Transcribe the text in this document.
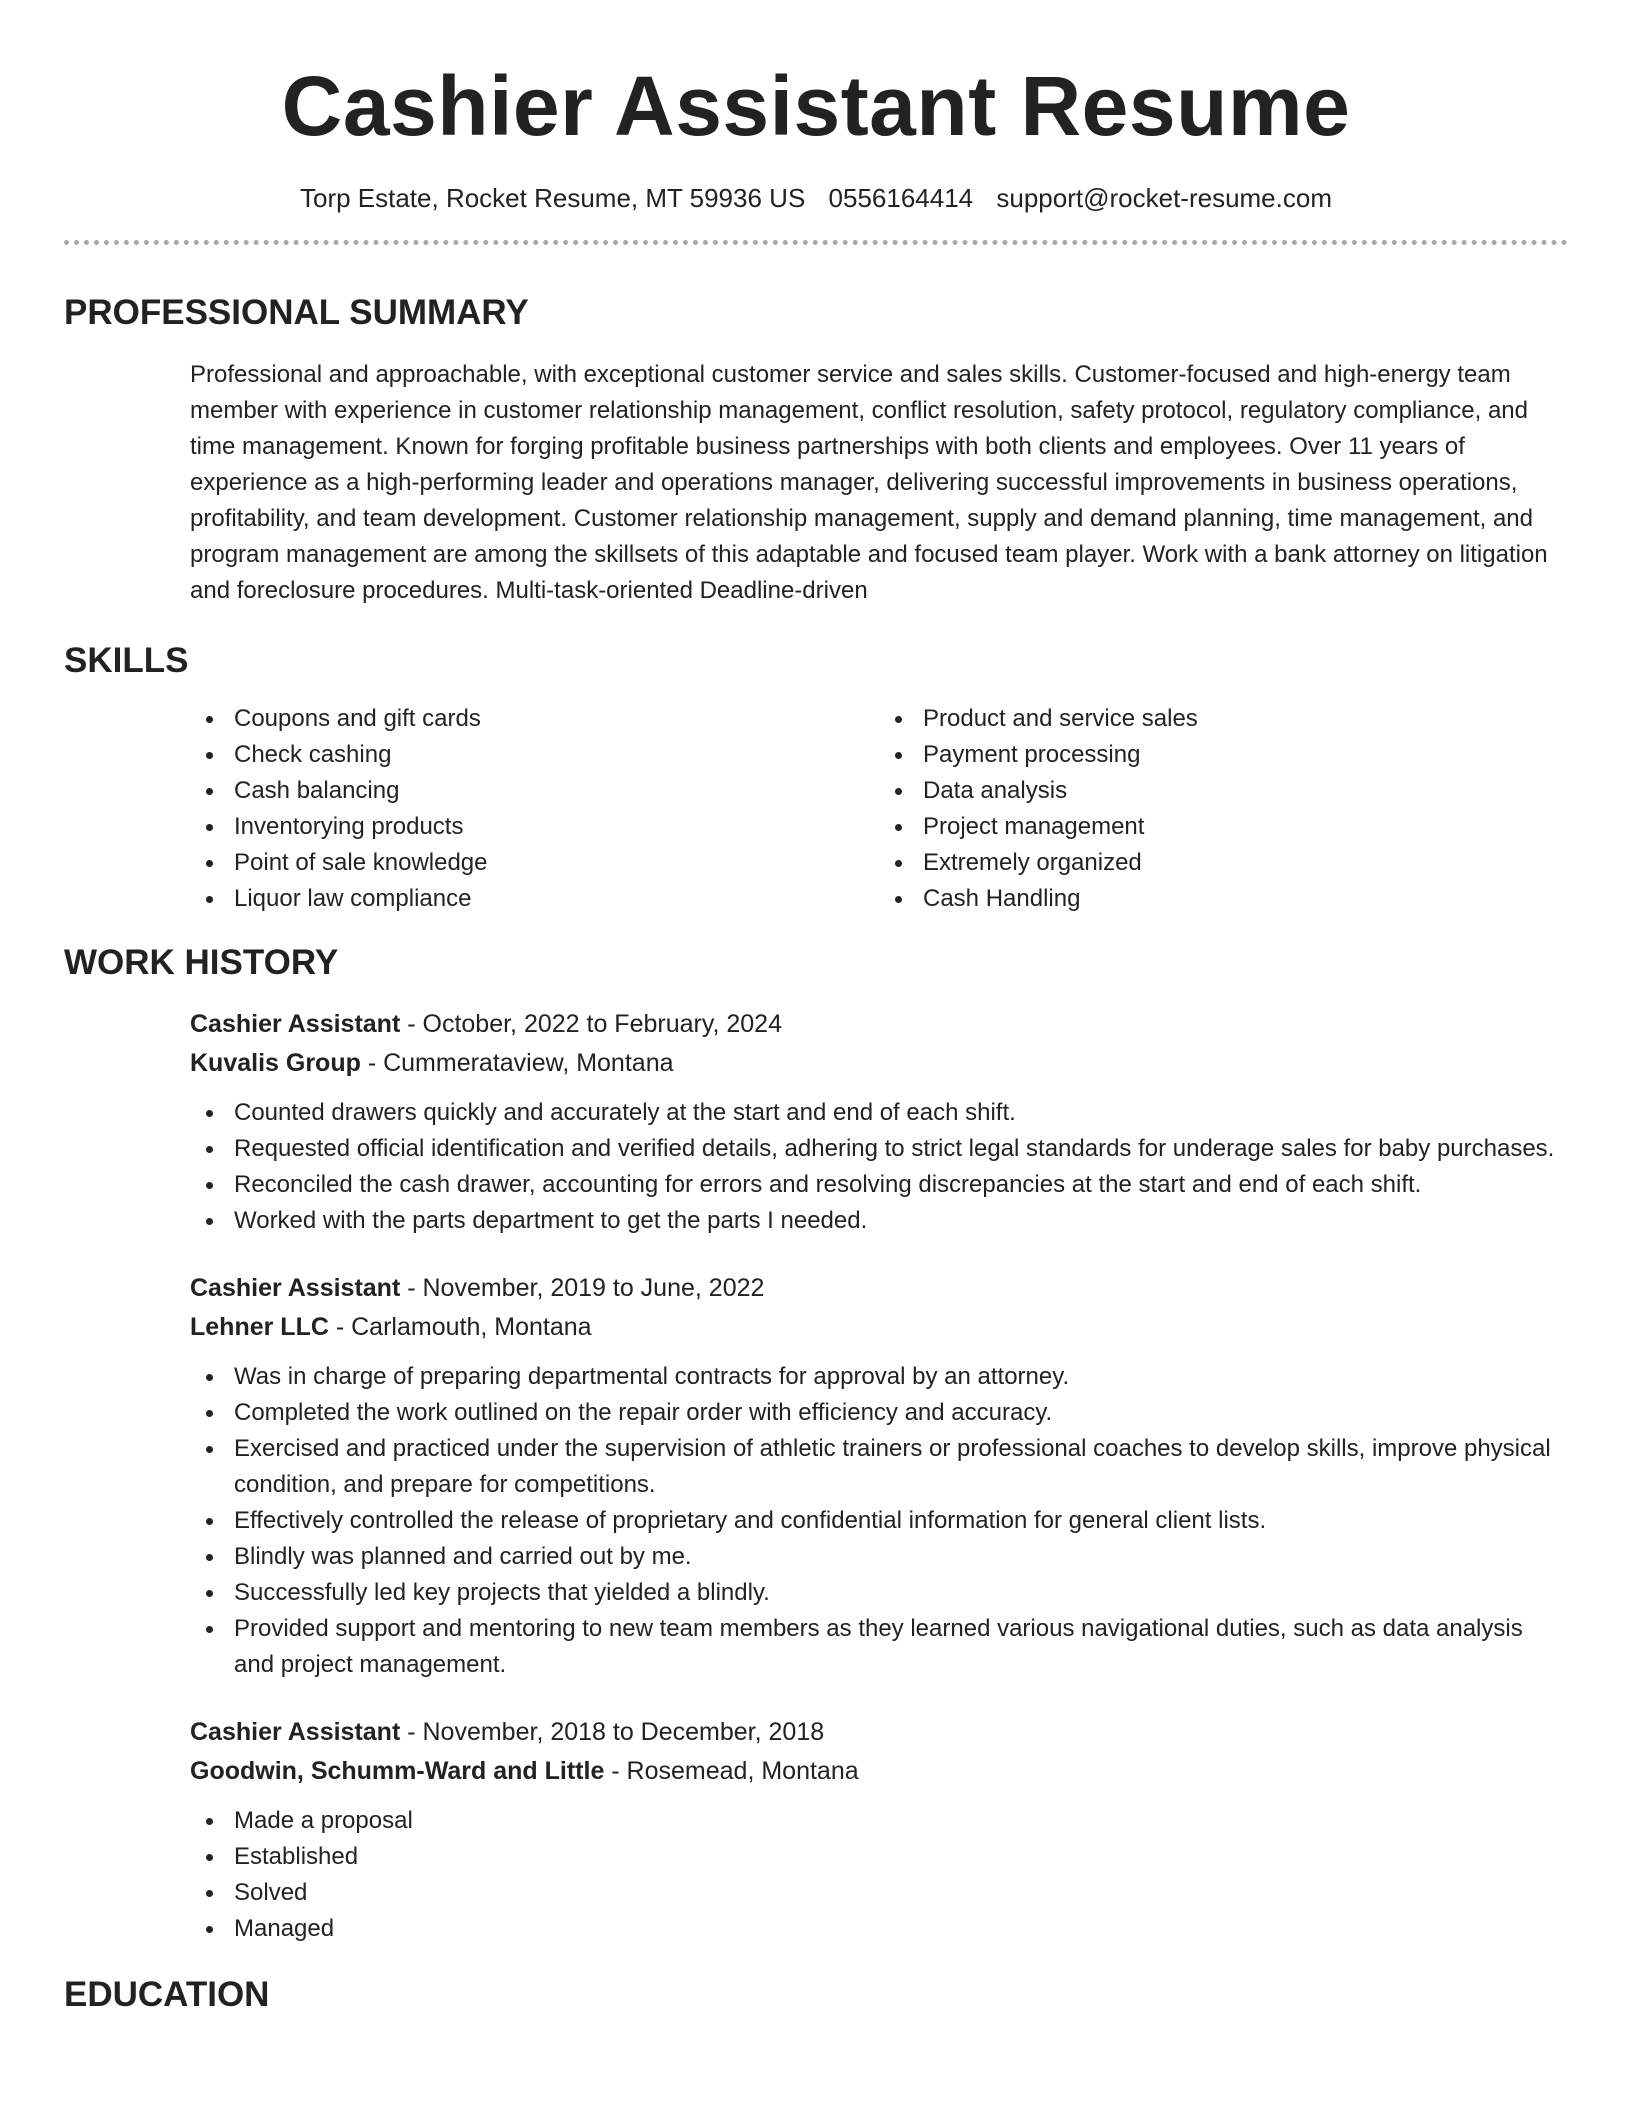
Cashier Assistant Resume
Torp Estate, Rocket Resume, MT 59936 US 0556164414 support@rocket-resume.com
PROFESSIONAL SUMMARY

Professional and approachable, with exceptional customer service and sales skills. Customer-focused and high-energy team member with experience in customer relationship management, conflict resolution, safety protocol, regulatory compliance, and time management. Known for forging profitable business partnerships with both clients and employees. Over 11 years of experience as a high-performing leader and operations manager, delivering successful improvements in business operations, profitability, and team development. Customer relationship management, supply and demand planning, time management, and program management are among the skillsets of this adaptable and focused team player. Work with a bank attorney on litigation and foreclosure procedures. Multi-task-oriented Deadline-driven

SKILLS
Coupons and gift cards
Check cashing
Cash balancing
Inventorying products
Point of sale knowledge
Liquor law compliance
Product and service sales
Payment processing
Data analysis
Project management
Extremely organized
Cash Handling
WORK HISTORY
Cashier Assistant - October, 2022 to February, 2024
Kuvalis Group - Cummerataview, Montana
Counted drawers quickly and accurately at the start and end of each shift.
Requested official identification and verified details, adhering to strict legal standards for underage sales for baby purchases.
Reconciled the cash drawer, accounting for errors and resolving discrepancies at the start and end of each shift.
Worked with the parts department to get the parts I needed.
Cashier Assistant - November, 2019 to June, 2022
Lehner LLC - Carlamouth, Montana
Was in charge of preparing departmental contracts for approval by an attorney.
Completed the work outlined on the repair order with efficiency and accuracy.
Exercised and practiced under the supervision of athletic trainers or professional coaches to develop skills, improve physical condition, and prepare for competitions.
Effectively controlled the release of proprietary and confidential information for general client lists.
Blindly was planned and carried out by me.
Successfully led key projects that yielded a blindly.
Provided support and mentoring to new team members as they learned various navigational duties, such as data analysis and project management.
Cashier Assistant - November, 2018 to December, 2018
Goodwin, Schumm-Ward and Little - Rosemead, Montana
Made a proposal
Established
Solved
Managed
EDUCATION
